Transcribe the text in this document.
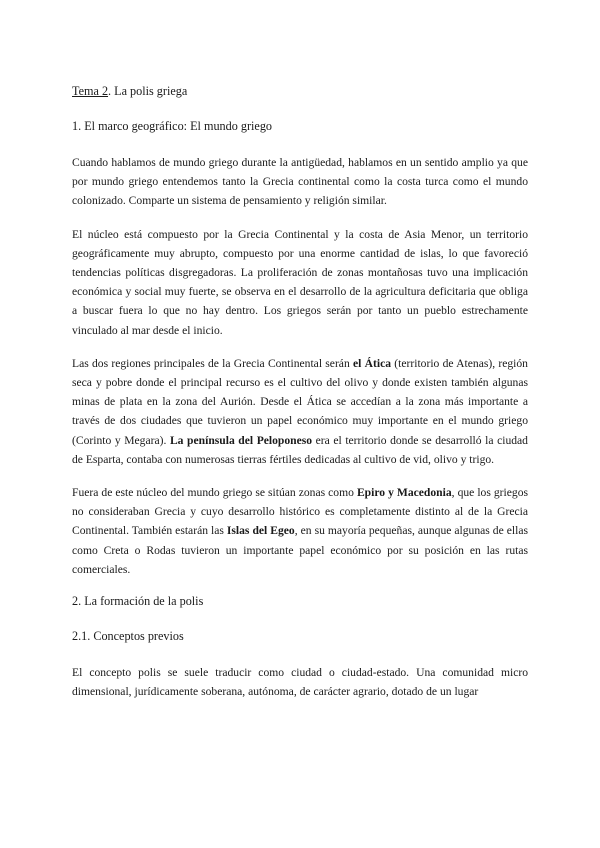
Tema 2. La polis griega
1. El marco geográfico: El mundo griego

Cuando hablamos de mundo griego durante la antigüedad, hablamos en un sentido amplio ya que por mundo griego entendemos tanto la Grecia continental como la costa turca como el mundo colonizado. Comparte un sistema de pensamiento y religión similar.

El núcleo está compuesto por la Grecia Continental y la costa de Asia Menor, un territorio geográficamente muy abrupto, compuesto por una enorme cantidad de islas, lo que favoreció tendencias políticas disgregadoras. La proliferación de zonas montañosas tuvo una implicación económica y social muy fuerte, se observa en el desarrollo de la agricultura deficitaria que obliga a buscar fuera lo que no hay dentro. Los griegos serán por tanto un pueblo estrechamente vinculado al mar desde el inicio.

Las dos regiones principales de la Grecia Continental serán el Ática (territorio de Atenas), región seca y pobre donde el principal recurso es el cultivo del olivo y donde existen también algunas minas de plata en la zona del Aurión. Desde el Ática se accedían a la zona más importante a través de dos ciudades que tuvieron un papel económico muy importante en el mundo griego (Corinto y Megara). La península del Peloponeso era el territorio donde se desarrolló la ciudad de Esparta, contaba con numerosas tierras fértiles dedicadas al cultivo de vid, olivo y trigo.

Fuera de este núcleo del mundo griego se sitúan zonas como Epiro y Macedonia, que los griegos no consideraban Grecia y cuyo desarrollo histórico es completamente distinto al de la Grecia Continental. También estarán las Islas del Egeo, en su mayoría pequeñas, aunque algunas de ellas como Creta o Rodas tuvieron un importante papel económico por su posición en las rutas comerciales.

2. La formación de la polis
2.1. Conceptos previos

El concepto polis se suele traducir como ciudad o ciudad-estado. Una comunidad micro dimensional, jurídicamente soberana, autónoma, de carácter agrario, dotado de un lugar
